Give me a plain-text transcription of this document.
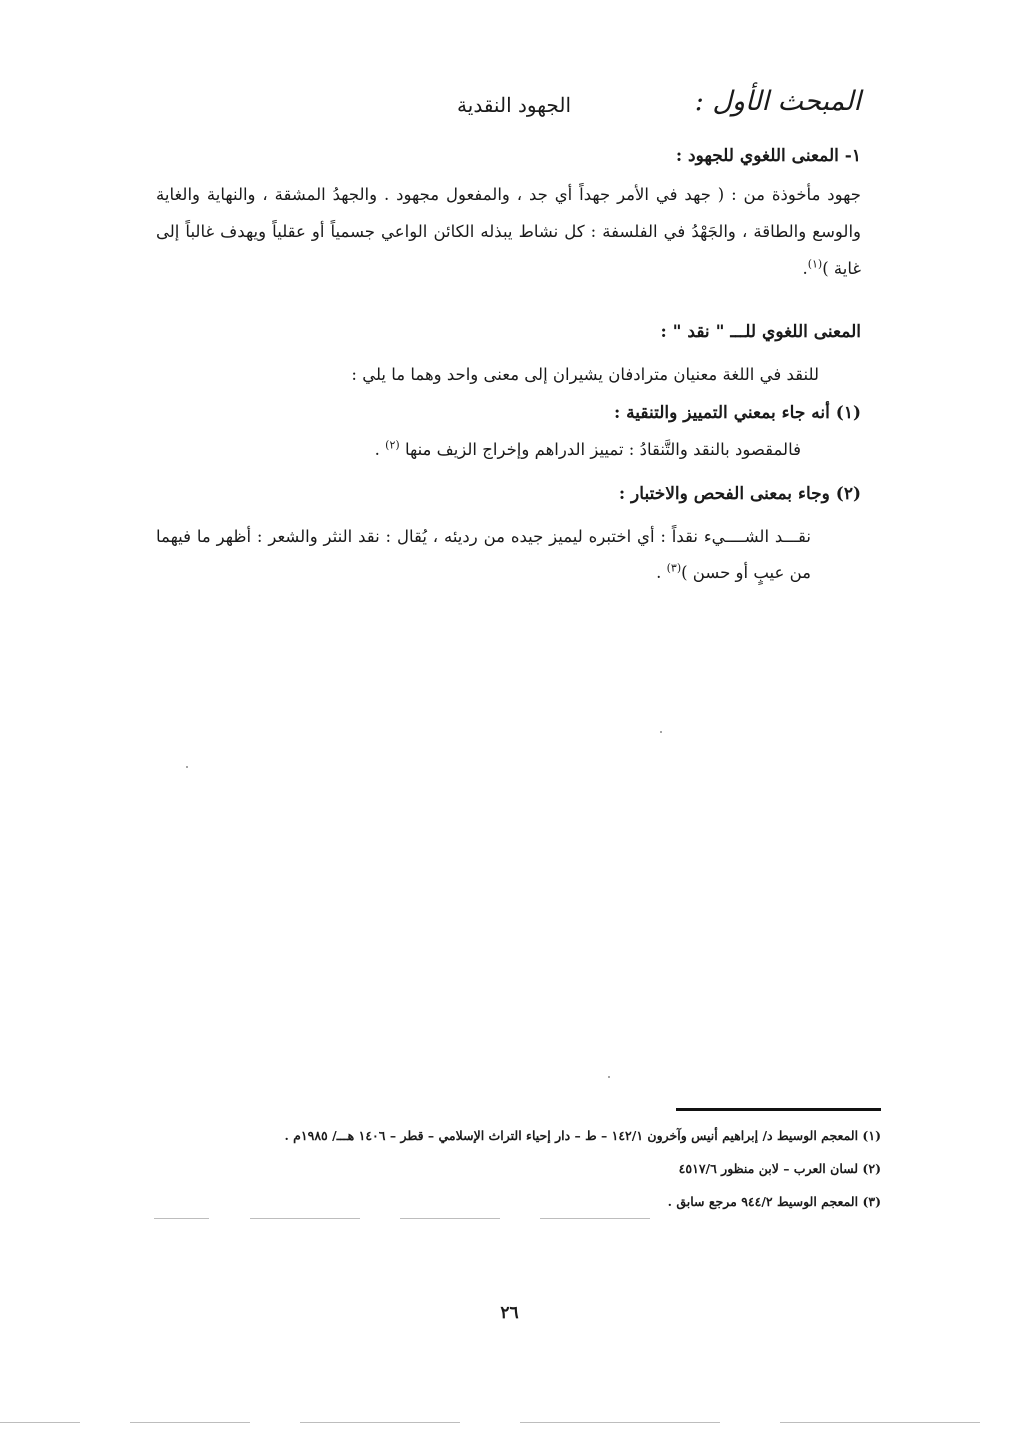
المبحث الأول :
الجهود النقدية
١- المعنى اللغوي للجهود :
جهود مأخوذة من : ( جهد في الأمر جهداً أي جد ، والمفعول مجهود . والجهدُ المشقة ، والنهاية والغاية والوسع والطاقة ، والجَهْدُ في الفلسفة : كل نشاط يبذله الكائن الواعي جسمياً أو عقلياً ويهدف غالباً إلى غاية )$^{(١)}$.
المعنى اللغوي للـــ " نقد " :
للنقد في اللغة معنيان مترادفان يشيران إلى معنى واحد وهما ما يلي :
(١) أنه جاء بمعني التمييز والتنقية :
فالمقصود بالنقد والتَّنقادُ : تمييز الدراهم وإخراج الزيف منها $^{(٢)}$ .
(٢) وجاء بمعنى الفحص والاختبار :
نقـــد الشــــيء نقداً : أي اختبره ليميز جيده من رديئه ، يُقال : نقد النثر والشعر : أظهر ما فيهما من عيبٍ أو حسن )$^{(٣)}$ .
(١) المعجم الوسيط د/ إبراهيم أنيس وآخرون ١٤٢/١ – ط – دار إحياء التراث الإسلامي – قطر – ١٤٠٦ هـــ/ ١٩٨٥م .
(٢) لسان العرب – لابن منظور ٤٥١٧/٦
(٣) المعجم الوسيط ٩٤٤/٢ مرجع سابق .
٢٦
